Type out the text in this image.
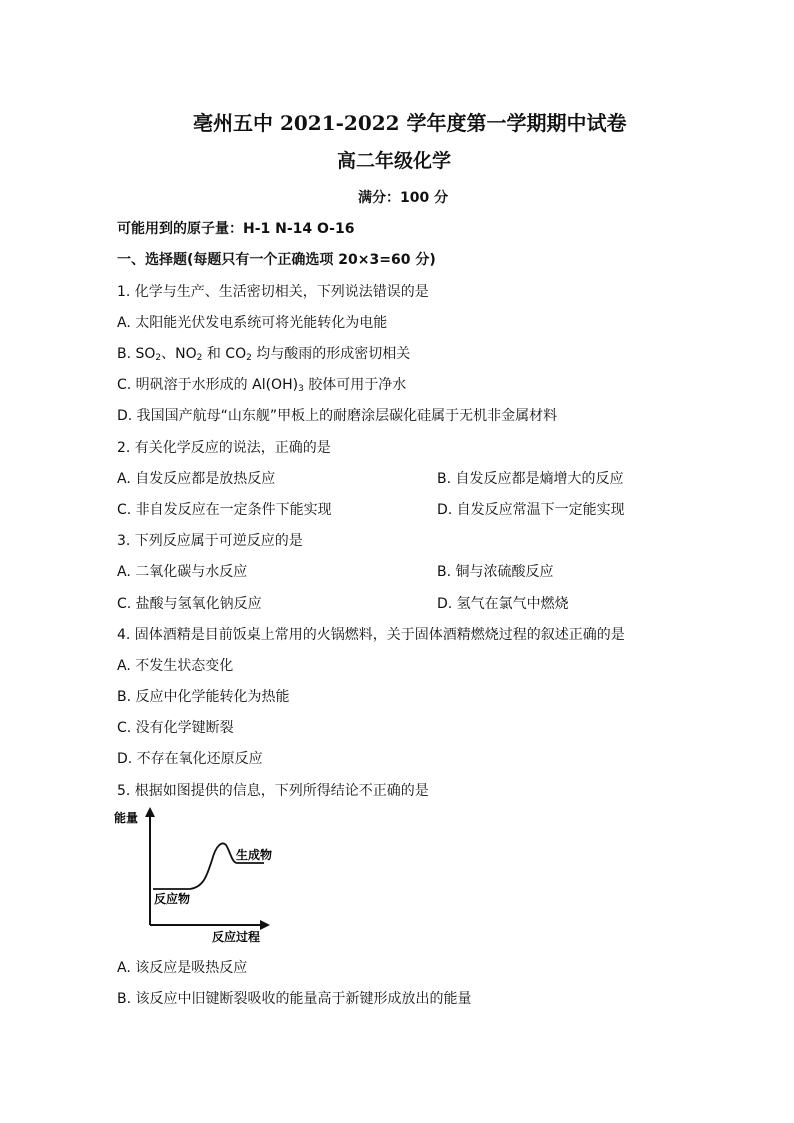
亳州五中 2021-2022 学年度第一学期期中试卷
高二年级化学
满分：100 分
可能用到的原子量：H-1 N-14 O-16
一、选择题(每题只有一个正确选项 20×3=60 分)
1. 化学与生产、生活密切相关，下列说法错误的是
A. 太阳能光伏发电系统可将光能转化为电能
B. $SO_2$、$NO_2$ 和 $CO_2$ 均与酸雨的形成密切相关
C. 明矾溶于水形成的 $Al(OH)_3$ 胶体可用于净水
D. 我国国产航母“山东舰”甲板上的耐磨涂层碳化硅属于无机非金属材料
2. 有关化学反应的说法，正确的是
A. 自发反应都是放热反应	B. 自发反应都是熵增大的反应
C. 非自发反应在一定条件下能实现	D. 自发反应常温下一定能实现
3. 下列反应属于可逆反应的是
A. 二氧化碳与水反应	B. 铜与浓硫酸反应
C. 盐酸与氢氧化钠反应	D. 氢气在氯气中燃烧
4. 固体酒精是目前饭桌上常用的火锅燃料，关于固体酒精燃烧过程的叙述正确的是
A. 不发生状态变化
B. 反应中化学能转化为热能
C. 没有化学键断裂
D. 不存在氧化还原反应
5. 根据如图提供的信息，下列所得结论不正确的是
能量
生成物
反应物
反应过程
A. 该反应是吸热反应
B. 该反应中旧键断裂吸收的能量高于新键形成放出的能量
